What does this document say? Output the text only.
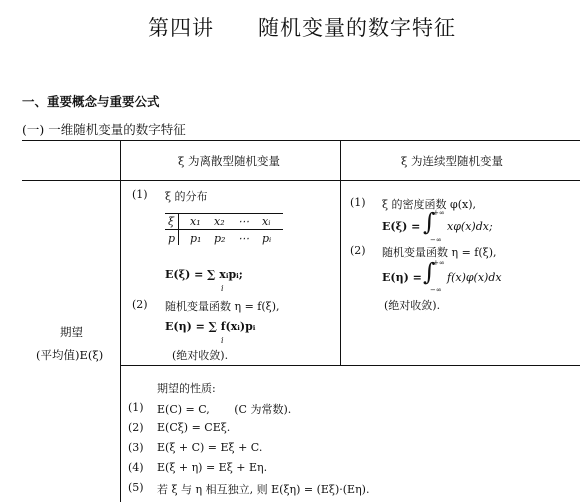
第四讲 随机变量的数字特征
一、重要概念与重要公式
(一) 一维随机变量的数字特征
ξ 为离散型随机变量	ξ 为连续型随机变量
期望
(平均值)E(ξ)
(1) ξ 的分布
ξ x₁ x₂ ⋯ xᵢ
p p₁ p₂ ⋯ pᵢ
E(ξ) = ∑ xᵢpᵢ;
i
(2) 随机变量函数 η = f(ξ),
E(η) = ∑ f(xᵢ)pᵢ
i
(绝对收敛).
(1) ξ 的密度函数 φ(x),
E(ξ) = ∫
+∞
−∞
xφ(x)dx;
(2) 随机变量函数 η = f(ξ),
E(η) = ∫
+∞
−∞
f(x)φ(x)dx
(绝对收敛).
期望的性质:
(1) E(C) = C,       (C 为常数).
(2) E(Cξ) = CEξ.
(3) E(ξ + C) = Eξ + C.
(4) E(ξ + η) = Eξ + Eη.
(5) 若 ξ 与 η 相互独立, 则 E(ξη) = (Eξ)·(Eη).
